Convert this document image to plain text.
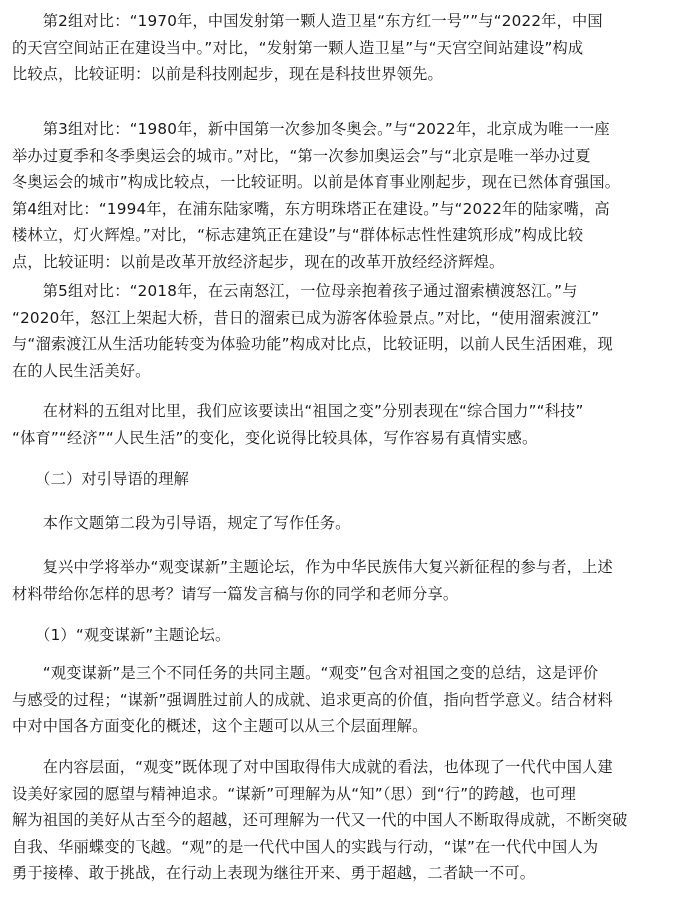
　　第2组对比：“1970年，中国发射第一颗人造卫星“东方红一号””与“2022年，中国
的天宫空间站正在建设当中。”对比，“发射第一颗人造卫星”与“天宫空间站建设”构成
比较点，比较证明：以前是科技刚起步，现在是科技世界领先。

　　第3组对比：“1980年，新中国第一次参加冬奥会。”与“2022年，北京成为唯一一座
举办过夏季和冬季奥运会的城市。”对比，“第一次参加奥运会”与“北京是唯一举办过夏
冬奥运会的城市”构成比较点，一比较证明。以前是体育事业刚起步，现在已然体育强国。
第4组对比：“1994年，在浦东陆家嘴，东方明珠塔正在建设。”与“2022年的陆家嘴，高
楼林立，灯火辉煌。”对比，“标志建筑正在建设”与“群体标志性性建筑形成”构成比较
点，比较证明：以前是改革开放经济起步，现在的改革开放经经济辉煌。

　　第5组对比：“2018年，在云南怒江，一位母亲抱着孩子通过溜索横渡怒江。”与
“2020年，怒江上架起大桥，昔日的溜索已成为游客体验景点。”对比，“使用溜索渡江”
与“溜索渡江从生活功能转变为体验功能”构成对比点，比较证明，以前人民生活困难，现
在的人民生活美好。

　　在材料的五组对比里，我们应该要读出“祖国之变”分别表现在“综合国力”“科技”
“体育”“经济”“人民生活”的变化，变化说得比较具体，写作容易有真情实感。

　　（二）对引导语的理解

　　本作文题第二段为引导语，规定了写作任务。

　　复兴中学将举办“观变谋新”主题论坛，作为中华民族伟大复兴新征程的参与者，上述
材料带给你怎样的思考？请写一篇发言稿与你的同学和老师分享。

　　（1）“观变谋新”主题论坛。

　　“观变谋新”是三个不同任务的共同主题。“观变”包含对祖国之变的总结，这是评价
与感受的过程；“谋新”强调胜过前人的成就、追求更高的价值，指向哲学意义。结合材料
中对中国各方面变化的概述，这个主题可以从三个层面理解。

　　在内容层面，“观变”既体现了对中国取得伟大成就的看法，也体现了一代代中国人建
设美好家园的愿望与精神追求。“谋新”可理解为从“知”（思）到“行”的跨越，也可理
解为祖国的美好从古至今的超越，还可理解为一代又一代的中国人不断取得成就，不断突破
自我、华丽蝶变的飞越。“观”的是一代代中国人的实践与行动，“谋”在一代代中国人为
勇于接棒、敢于挑战，在行动上表现为继往开来、勇于超越，二者缺一不可。
